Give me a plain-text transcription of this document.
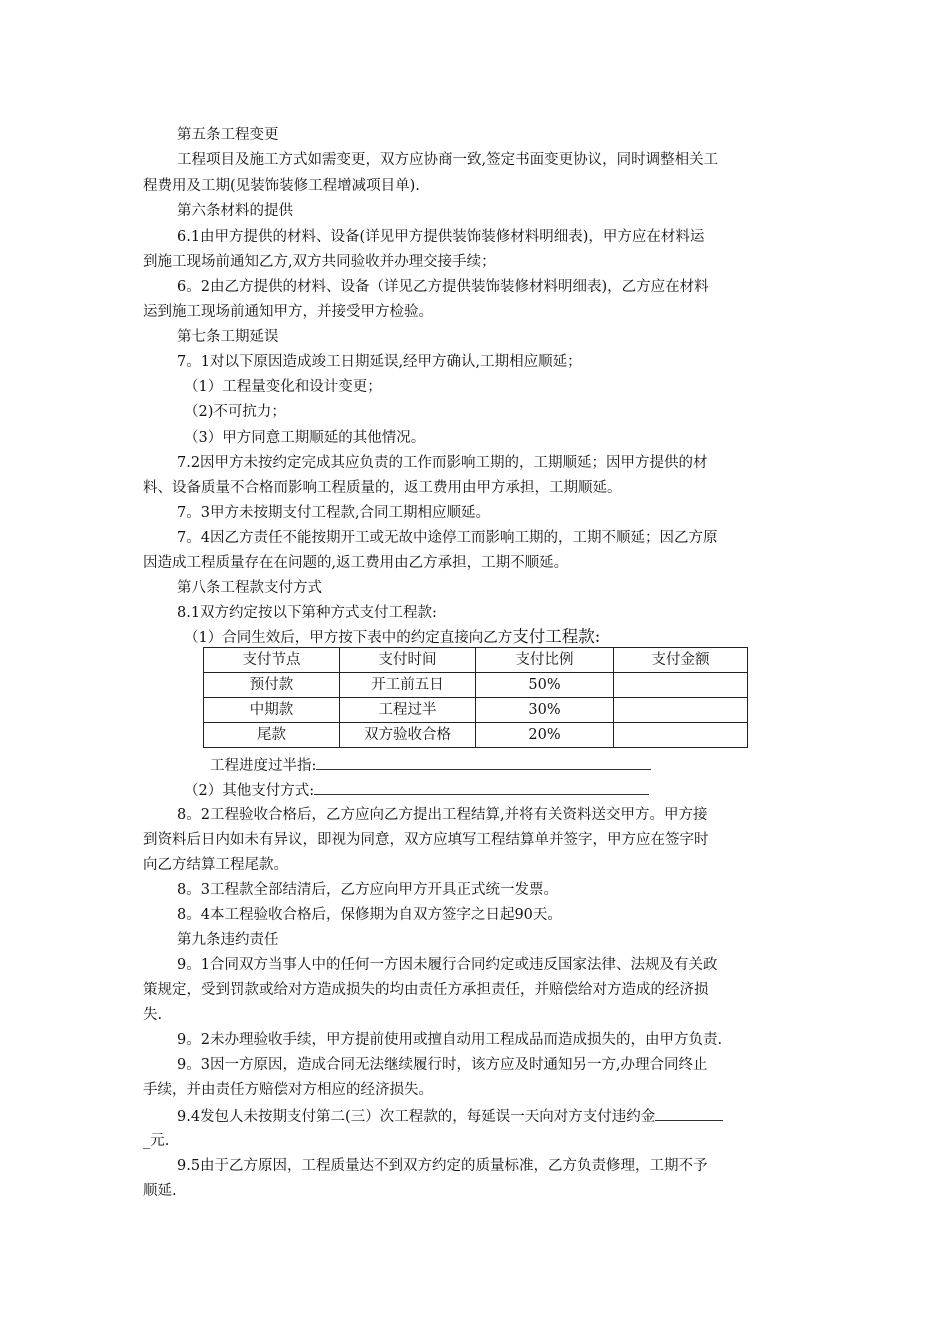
第五条工程变更
工程项目及施工方式如需变更，双方应协商一致,签定书面变更协议，同时调整相关工
程费用及工期(见装饰装修工程增减项目单).
第六条材料的提供
6.1由甲方提供的材料、设备(详见甲方提供装饰装修材料明细表)，甲方应在材料运
到施工现场前通知乙方,双方共同验收并办理交接手续；
6。2由乙方提供的材料、设备（详见乙方提供装饰装修材料明细表)，乙方应在材料
运到施工现场前通知甲方，并接受甲方检验。
第七条工期延误
7。1对以下原因造成竣工日期延误,经甲方确认,工期相应顺延；
（1）工程量变化和设计变更；
（2)不可抗力；
（3）甲方同意工期顺延的其他情况。
7.2因甲方未按约定完成其应负责的工作而影响工期的，工期顺延；因甲方提供的材
料、设备质量不合格而影响工程质量的，返工费用由甲方承担，工期顺延。
7。3甲方未按期支付工程款,合同工期相应顺延。
7。4因乙方责任不能按期开工或无故中途停工而影响工期的，工期不顺延；因乙方原
因造成工程质量存在在问题的,返工费用由乙方承担，工期不顺延。
第八条工程款支付方式
8.1双方约定按以下第种方式支付工程款:
（1）合同生效后，甲方按下表中的约定直接向乙方支付工程款:
支付节点	支付时间	支付比例	支付金额
预付款	开工前五日	50%	
中期款	工程过半	30%	
尾款	双方验收合格	20%	
工程进度过半指:
（2）其他支付方式:
8。2工程验收合格后，乙方应向乙方提出工程结算,并将有关资料送交甲方。甲方接
到资料后日内如未有异议，即视为同意，双方应填写工程结算单并签字，甲方应在签字时
向乙方结算工程尾款。
8。3工程款全部结清后，乙方应向甲方开具正式统一发票。
8。4本工程验收合格后，保修期为自双方签字之日起90天。
第九条违约责任
9。1合同双方当事人中的任何一方因未履行合同约定或违反国家法律、法规及有关政
策规定，受到罚款或给对方造成损失的均由责任方承担责任，并赔偿给对方造成的经济损
失.
9。2未办理验收手续，甲方提前使用或擅自动用工程成品而造成损失的，由甲方负责.
9。3因一方原因，造成合同无法继续履行时，该方应及时通知另一方,办理合同终止
手续，并由责任方赔偿对方相应的经济损失。
9.4发包人未按期支付第二(三）次工程款的，每延误一天向对方支付违约金
_元.
9.5由于乙方原因，工程质量达不到双方约定的质量标准，乙方负责修理，工期不予
顺延.
